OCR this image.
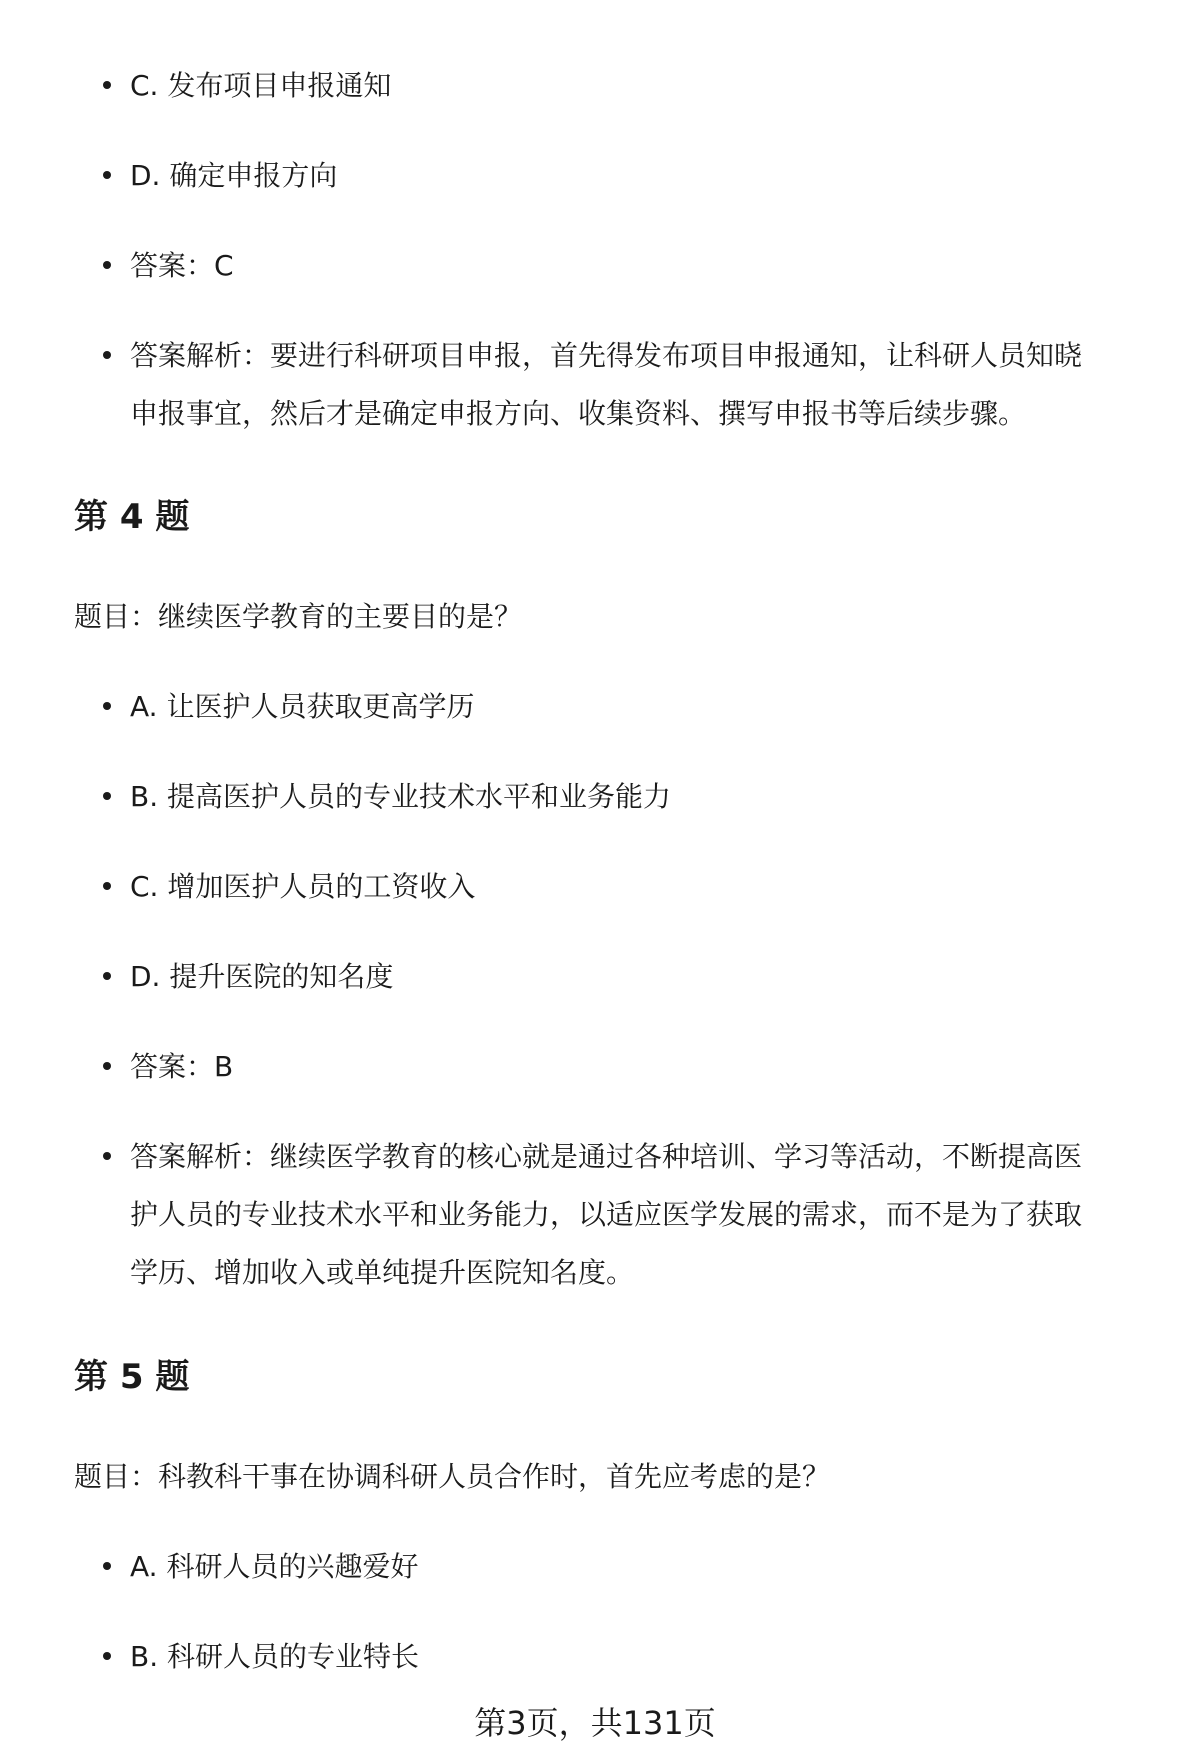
C. 发布项目申报通知
D. 确定申报方向
答案：C
答案解析：要进行科研项目申报，首先得发布项目申报通知，让科研人员知晓
申报事宜，然后才是确定申报方向、收集资料、撰写申报书等后续步骤。
第 4 题
题目：继续医学教育的主要目的是？
A. 让医护人员获取更高学历
B. 提高医护人员的专业技术水平和业务能力
C. 增加医护人员的工资收入
D. 提升医院的知名度
答案：B
答案解析：继续医学教育的核心就是通过各种培训、学习等活动，不断提高医
护人员的专业技术水平和业务能力，以适应医学发展的需求，而不是为了获取
学历、增加收入或单纯提升医院知名度。
第 5 题
题目：科教科干事在协调科研人员合作时，首先应考虑的是？
A. 科研人员的兴趣爱好
B. 科研人员的专业特长
第3页，共131页
